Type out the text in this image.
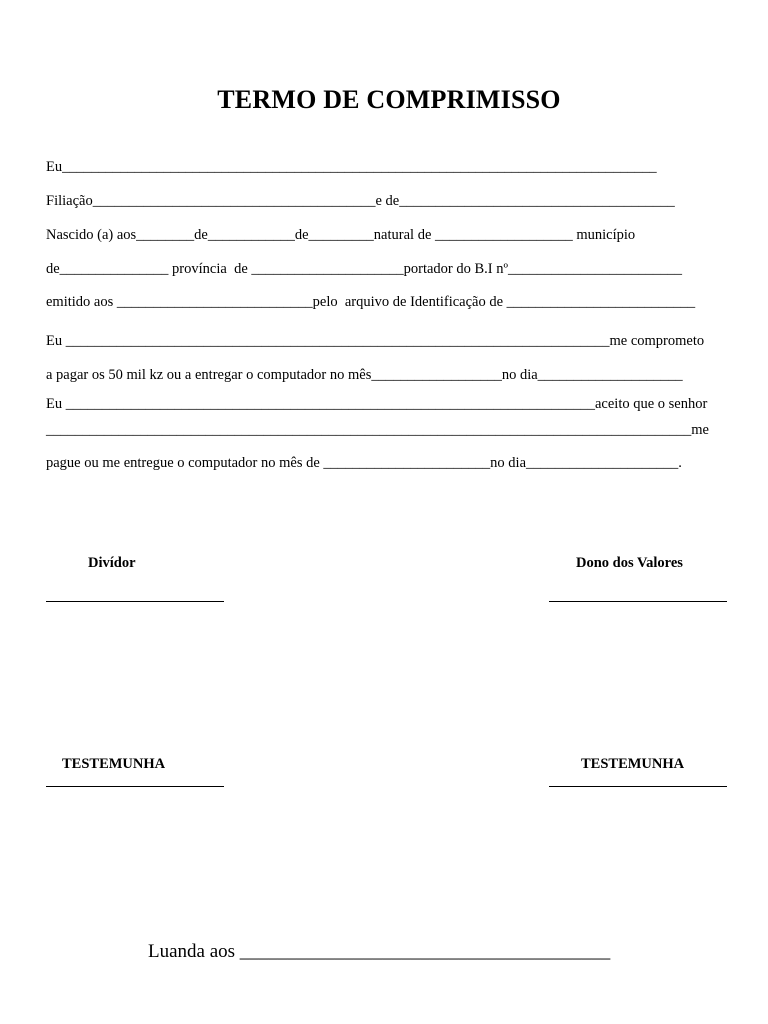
TERMO DE COMPRIMISSO
Eu__________________________________________________________________________________
Filiação_______________________________________e de______________________________________
Nascido (a) aos________de____________de_________natural de ___________________ município
de_______________ província  de _____________________portador do B.I nº________________________
emitido aos ___________________________pelo  arquivo de Identificação de __________________________
Eu ___________________________________________________________________________me comprometo
a pagar os 50 mil kz ou a entregar o computador no mês__________________no dia____________________
Eu _________________________________________________________________________aceito que o senhor
_________________________________________________________________________________________me
pague ou me entregue o computador no mês de _______________________no dia_____________________.
Divídor	Dono dos Valores
TESTEMUNHA	TESTEMUNHA
Luanda aos _______________________________________
